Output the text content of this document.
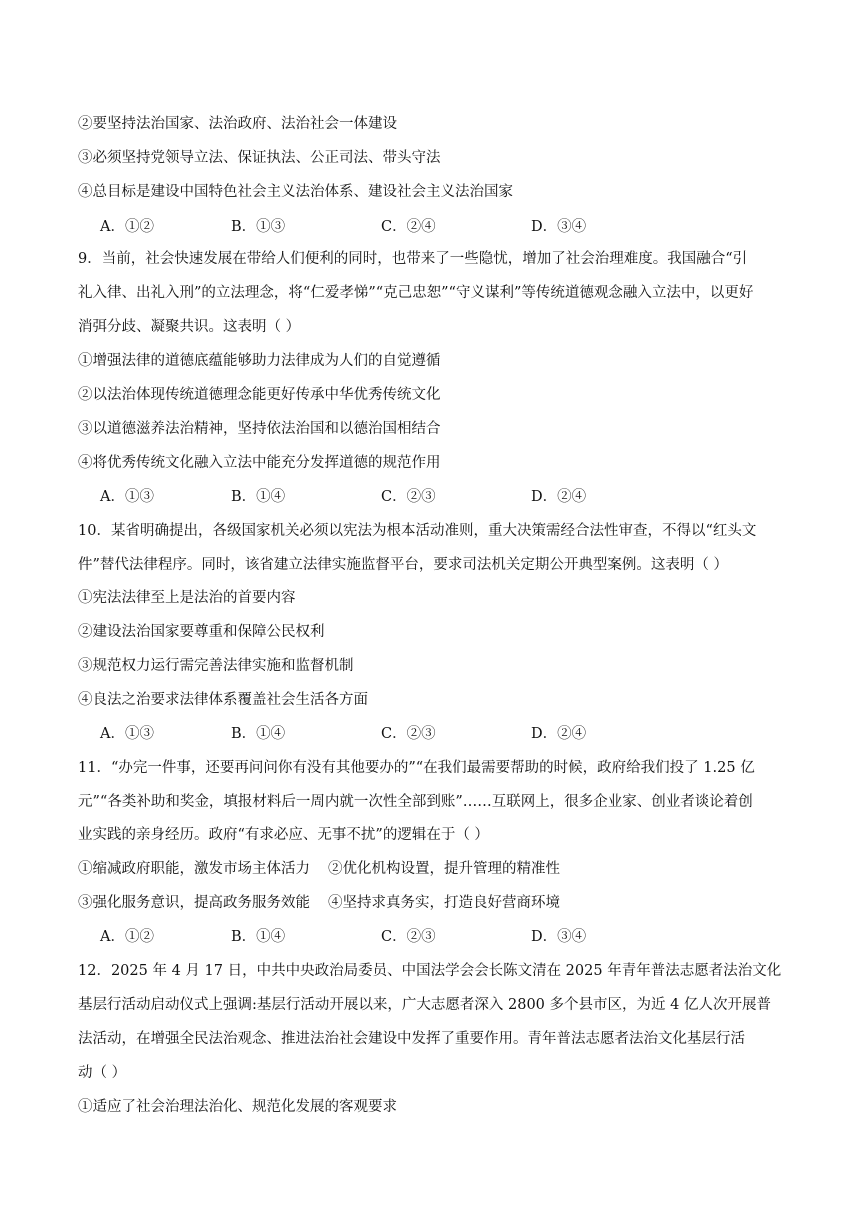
②要坚持法治国家、法治政府、法治社会一体建设
③必须坚持党领导立法、保证执法、公正司法、带头守法
④总目标是建设中国特色社会主义法治体系、建设社会主义法治国家
A．①②	B．①③	C．②④	D．③④
9．当前，社会快速发展在带给人们便利的同时，也带来了一些隐忧，增加了社会治理难度。我国融合“引
礼入律、出礼入刑”的立法理念，将“仁爱孝悌”“克己忠恕”“守义谋利”等传统道德观念融入立法中，以更好
消弭分歧、凝聚共识。这表明（ ）
①增强法律的道德底蕴能够助力法律成为人们的自觉遵循
②以法治体现传统道德理念能更好传承中华优秀传统文化
③以道德滋养法治精神，坚持依法治国和以德治国相结合
④将优秀传统文化融入立法中能充分发挥道德的规范作用
A．①③	B．①④	C．②③	D．②④
10．某省明确提出，各级国家机关必须以宪法为根本活动准则，重大决策需经合法性审查，不得以“红头文
件”替代法律程序。同时，该省建立法律实施监督平台，要求司法机关定期公开典型案例。这表明（ ）
①宪法法律至上是法治的首要内容
②建设法治国家要尊重和保障公民权利
③规范权力运行需完善法律实施和监督机制
④良法之治要求法律体系覆盖社会生活各方面
A．①③	B．①④	C．②③	D．②④
11．“办完一件事，还要再问问你有没有其他要办的”“在我们最需要帮助的时候，政府给我们投了 1.25 亿
元”“各类补助和奖金，填报材料后一周内就一次性全部到账”……互联网上，很多企业家、创业者谈论着创
业实践的亲身经历。政府“有求必应、无事不扰”的逻辑在于（ ）
①缩减政府职能，激发市场主体活力 ②优化机构设置，提升管理的精准性
③强化服务意识，提高政务服务效能 ④坚持求真务实，打造良好营商环境
A．①②	B．①④	C．②③	D．③④
12．2025 年 4 月 17 日，中共中央政治局委员、中国法学会会长陈文清在 2025 年青年普法志愿者法治文化
基层行活动启动仪式上强调:基层行活动开展以来，广大志愿者深入 2800 多个县市区，为近 4 亿人次开展普
法活动，在增强全民法治观念、推进法治社会建设中发挥了重要作用。青年普法志愿者法治文化基层行活
动（ ）
①适应了社会治理法治化、规范化发展的客观要求
